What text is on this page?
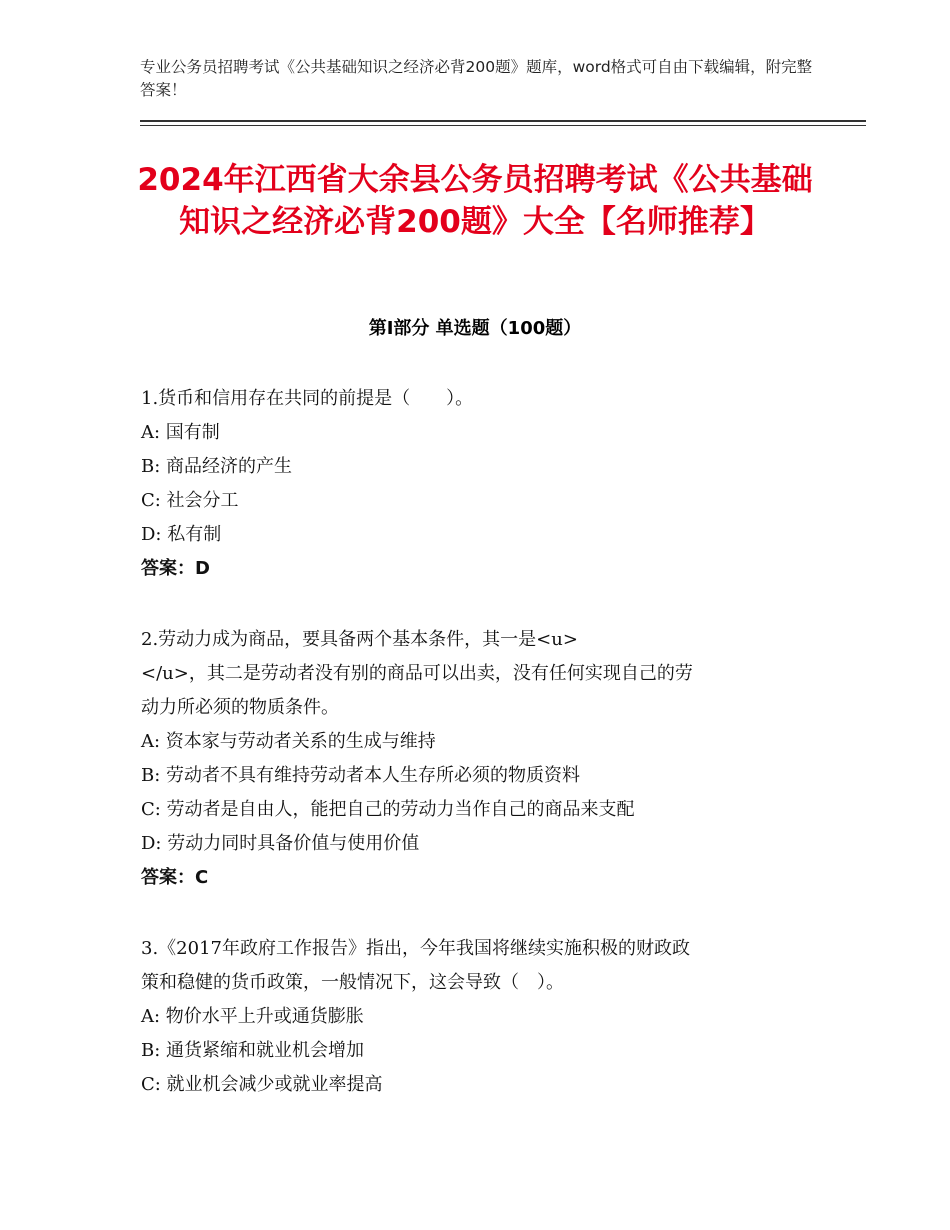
专业公务员招聘考试《公共基础知识之经济必背200题》题库，word格式可自由下载编辑，附完整答案！
2024年江西省大余县公务员招聘考试《公共基础知识之经济必背200题》大全【名师推荐】
第I部分 单选题（100题）
1.货币和信用存在共同的前提是（　　）。
A: 国有制
B: 商品经济的产生
C: 社会分工
D: 私有制
答案：D
2.劳动力成为商品，要具备两个基本条件，其一是<u>
</u>，其二是劳动者没有别的商品可以出卖，没有任何实现自己的劳
动力所必须的物质条件。
A: 资本家与劳动者关系的生成与维持
B: 劳动者不具有维持劳动者本人生存所必须的物质资料
C: 劳动者是自由人，能把自己的劳动力当作自己的商品来支配
D: 劳动力同时具备价值与使用价值
答案：C
3.《2017年政府工作报告》指出，今年我国将继续实施积极的财政政
策和稳健的货币政策，一般情况下，这会导致（　）。
A: 物价水平上升或通货膨胀
B: 通货紧缩和就业机会增加
C: 就业机会减少或就业率提高
